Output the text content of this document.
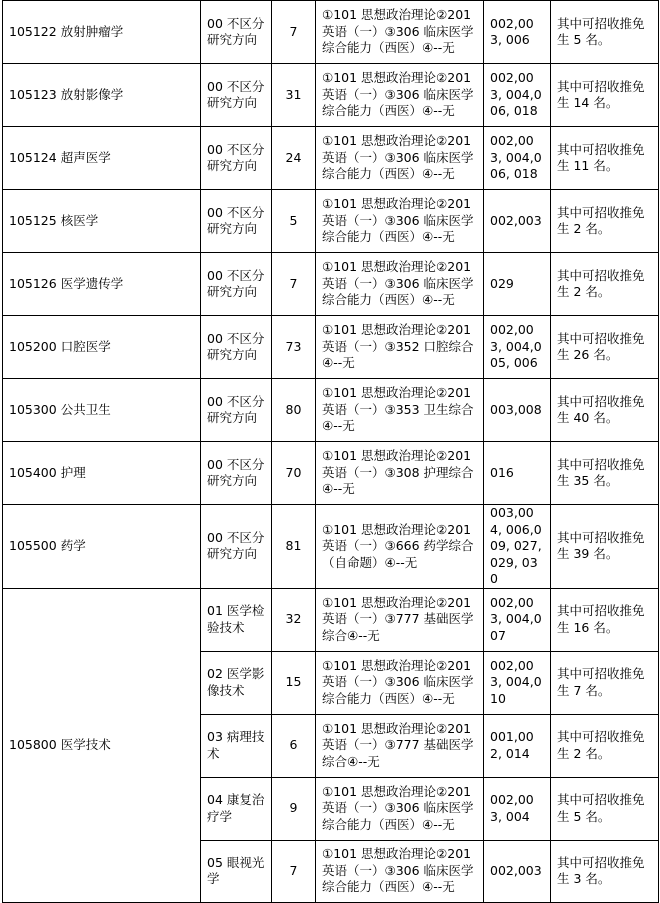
105122 放射肿瘤学	00 不区分研究方向	7	①101 思想政治理论②201 英语（一）③306 临床医学综合能力（西医）④--无	002,003, 006	其中可招收推免生 5 名。
105123 放射影像学	00 不区分研究方向	31	①101 思想政治理论②201 英语（一）③306 临床医学综合能力（西医）④--无	002,003, 004,006, 018	其中可招收推免生 14 名。
105124 超声医学	00 不区分研究方向	24	①101 思想政治理论②201 英语（一）③306 临床医学综合能力（西医）④--无	002,003, 004,006, 018	其中可招收推免生 11 名。
105125 核医学	00 不区分研究方向	5	①101 思想政治理论②201 英语（一）③306 临床医学综合能力（西医）④--无	002,003	其中可招收推免生 2 名。
105126 医学遗传学	00 不区分研究方向	7	①101 思想政治理论②201 英语（一）③306 临床医学综合能力（西医）④--无	029	其中可招收推免生 2 名。
105200 口腔医学	00 不区分研究方向	73	①101 思想政治理论②201 英语（一）③352 口腔综合④--无	002,003, 004,005, 006	其中可招收推免生 26 名。
105300 公共卫生	00 不区分研究方向	80	①101 思想政治理论②201 英语（一）③353 卫生综合④--无	003,008	其中可招收推免生 40 名。
105400 护理	00 不区分研究方向	70	①101 思想政治理论②201 英语（一）③308 护理综合④--无	016	其中可招收推免生 35 名。
105500 药学	00 不区分研究方向	81	①101 思想政治理论②201 英语（一）③666 药学综合（自命题）④--无	003,004, 006,009, 027,029, 030	其中可招收推免生 39 名。
105800 医学技术	01 医学检验技术	32	①101 思想政治理论②201 英语（一）③777 基础医学综合④--无	002,003, 004,007	其中可招收推免生 16 名。
	02 医学影像技术	15	①101 思想政治理论②201 英语（一）③306 临床医学综合能力（西医）④--无	002,003, 004,010	其中可招收推免生 7 名。
	03 病理技术	6	①101 思想政治理论②201 英语（一）③777 基础医学综合④--无	001,002, 014	其中可招收推免生 2 名。
	04 康复治疗学	9	①101 思想政治理论②201 英语（一）③306 临床医学综合能力（西医）④--无	002,003, 004	其中可招收推免生 5 名。
	05 眼视光学	7	①101 思想政治理论②201 英语（一）③306 临床医学综合能力（西医）④--无	002,003	其中可招收推免生 3 名。
